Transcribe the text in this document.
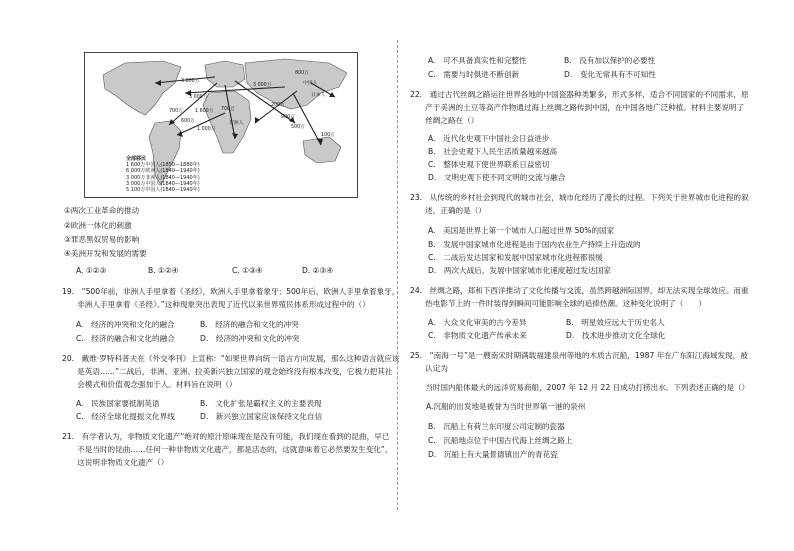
3 000万
3 000万
1 600万
600万
700万
1 000万
3 000万
200万
700万
900万
500万
中国人
日本人
非洲人
100万
800万
全部移民
1 600万中国人(1850—1880年)
6 000万欧洲人(1840—1940年)
3 000万非洲人(1840—1940年)
3 000万中国人(1840—1940年)
5 100万中国人(1840—1940年)
①两次工业革命的推动
②欧洲一体化的刺激
③罪恶黑奴贸易的影响
④美洲开发和发展的需要
A. ①②③	B. ①②④	C. ①③④	D. ②③④
19.　“500年前，非洲人手里拿着《圣经》，欧洲人手里拿着象牙；500年后，欧洲人手里拿着象牙，
　　非洲人手里拿着《圣经》。”这种现象突出表现了近代以来世界殖民体系形成过程中的（）
A.　经济的冲突和文化的融合	B.　经济的融合和文化的冲突
C.　经济的融合和文化的融合	D.　经济的冲突和文化的冲突
20.　戴维·罗特科普夫在《外交季刊》上宣称：“如果世界向统一语言方向发展，那么这种语言就应该
　　是英语……”二战后，非洲、亚洲、拉美新兴独立国家的观念始终没有根本改变，它极力把其社
　　会模式和价值观念强加于人。材料旨在说明（）
A.　民族国家要抵制英语	B.　文化扩张是霸权主义的主要表现
C.　经济全球化提振文化界线	D.　新兴独立国家应该保持文化自信
21.　有学者认为，非物质文化遗产“绝对的原汁原味现在是没有可能，我们现在看到的昆曲，早已
　　不是当时的昆曲……任何一种非物质文化遗产，都是活态的，这就意味着它必然要发生变化”，
　　这说明非物质文化遗产（）
A.　可不具备真实性和完整性	B.　没有加以保护的必要性
C.　需要与时俱进不断创新	D.　变化无常具有不可知性
22.　通过古代丝绸之路运往世界各地的中国瓷器种类繁多，形式多样，适合不同国家的不同需求，原
　　产于美洲的土豆等高产作物通过海上丝绸之路传到中国，在中国各地广泛种植。材料主要说明了
　　丝绸之路在（）
A.　近代化史观下中国社会日益进步
B.　社会史观下人民生活质量越来越高
C.　整体史观下使世界联系日益密切
D.　文明史观下使不同文明的交流与融合
23.　从传统的乡村社会到现代的城市社会，城市化经历了漫长的过程。下列关于世界城市化进程的叙
　　述，正确的是（）
A.　美国是世界上第一个城市人口超过世界 50%的国家
B.　发展中国家城市化进程是由于国内农业生产持续上升造成的
C.　二战后发达国家和发展中国家城市化进程都很缓
D.　两次大战后，发展中国家城市化速度超过发达国家
24.　丝绸之路，郑和下西洋推动了文化传播与交流，虽然跨越洲际国界，却无法实现全球效应。而重
　　热电影节上的一件时装得到瞬间可能影响全球的追捧热潮。这种变化说明了（　　）
A.　大众文化审美的古今差异	B.　明星效应远大于历史名人
C.　非物质文化遗产传承未来	D.　技术进步推动文化全球化
25.　“南海一号”是一艘南宋时期满载福建泉州等地的木质古沉船，1987 年在广东阳江海域发现，被
　　认定为
　　当时国内船体最大的远洋贸易商船，2007 年 12 月 22 日成功打捞出水。下列表述正确的是（）
A.沉船的出发地是被誉为当时世界第一港的泉州
B.　沉船上有荷兰东印度公司定制的瓷器
C.　沉船地点位于中国古代海上丝绸之路上
D.　沉船上有大量景德镇出产的青花瓷
